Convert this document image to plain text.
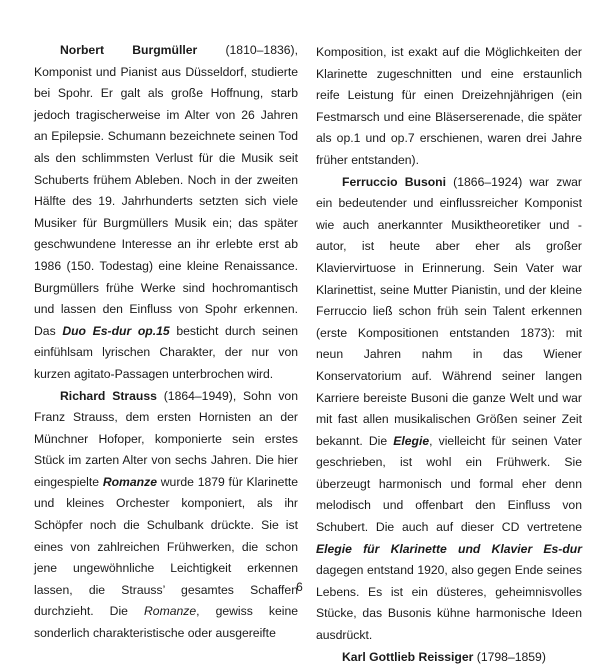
Norbert Burgmüller (1810–1836), Komponist und Pianist aus Düsseldorf, studierte bei Spohr. Er galt als große Hoffnung, starb jedoch tragischerweise im Alter von 26 Jahren an Epilepsie. Schumann bezeichnete seinen Tod als den schlimmsten Verlust für die Musik seit Schuberts frühem Ableben. Noch in der zweiten Hälfte des 19. Jahrhunderts setzten sich viele Musiker für Burgmüllers Musik ein; das später geschwundene Interesse an ihr erlebte erst ab 1986 (150. Todestag) eine kleine Renaissance. Burgmüllers frühe Werke sind hochromantisch und lassen den Einfluss von Spohr erkennen. Das Duo Es-dur op.15 besticht durch seinen einfühlsam lyrischen Charakter, der nur von kurzen agitato-Passagen unterbrochen wird.

Richard Strauss (1864–1949), Sohn von Franz Strauss, dem ersten Hornisten an der Münchner Hofoper, komponierte sein erstes Stück im zarten Alter von sechs Jahren. Die hier eingespielte Romanze wurde 1879 für Klarinette und kleines Orchester komponiert, als ihr Schöpfer noch die Schulbank drückte. Sie ist eines von zahlreichen Frühwerken, die schon jene ungewöhnliche Leichtigkeit erkennen lassen, die Strauss’ gesamtes Schaffen durchzieht. Die Romanze, gewiss keine sonderlich charakteristische oder ausgereifte

Komposition, ist exakt auf die Möglichkeiten der Klarinette zugeschnitten und eine erstaunlich reife Leistung für einen Dreizehnjährigen (ein Festmarsch und eine Bläserserenade, die später als op.1 und op.7 erschienen, waren drei Jahre früher entstanden).

Ferruccio Busoni (1866–1924) war zwar ein bedeutender und einflussreicher Komponist wie auch anerkannter Musiktheoretiker und - autor, ist heute aber eher als großer Klaviervirtuose in Erinnerung. Sein Vater war Klarinettist, seine Mutter Pianistin, und der kleine Ferruccio ließ schon früh sein Talent erkennen (erste Kompositionen entstanden 1873): mit neun Jahren nahm in das Wiener Konservatorium auf. Während seiner langen Karriere bereiste Busoni die ganze Welt und war mit fast allen musikalischen Größen seiner Zeit bekannt. Die Elegie, vielleicht für seinen Vater geschrieben, ist wohl ein Frühwerk. Sie überzeugt harmonisch und formal eher denn melodisch und offenbart den Einfluss von Schubert. Die auch auf dieser CD vertretene Elegie für Klarinette und Klavier Es-dur dagegen entstand 1920, also gegen Ende seines Lebens. Es ist ein düsteres, geheimnisvolles Stücke, das Busonis kühne harmonische Ideen ausdrückt.

Karl Gottlieb Reissiger (1798–1859)

6
